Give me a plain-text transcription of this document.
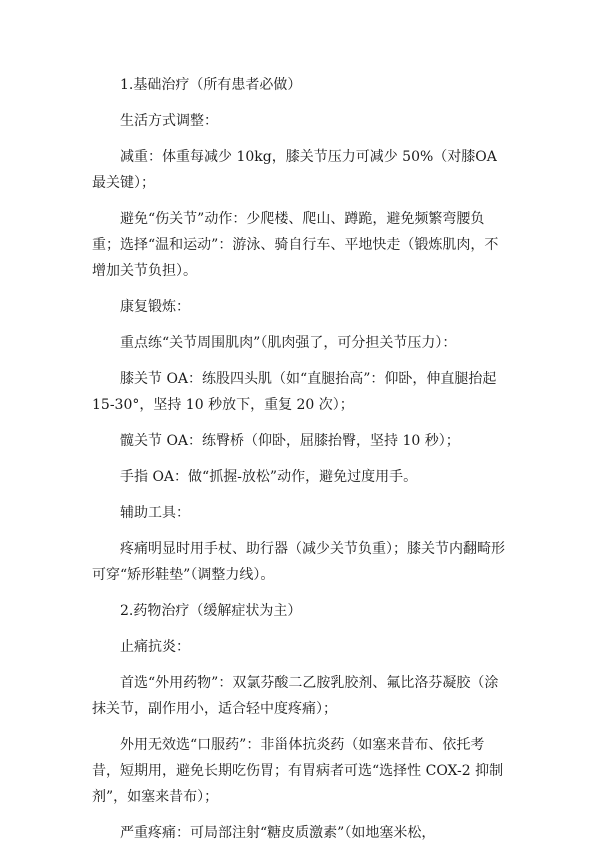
1.基础治疗（所有患者必做）

生活方式调整：

减重：体重每减少 10kg，膝关节压力可减少 50%（对膝OA 最关键）；

避免“伤关节”动作：少爬楼、爬山、蹲跪，避免频繁弯腰负重；选择“温和运动”：游泳、骑自行车、平地快走（锻炼肌肉，不增加关节负担）。

康复锻炼：

重点练“关节周围肌肉”（肌肉强了，可分担关节压力）：

膝关节 OA：练股四头肌（如“直腿抬高”：仰卧，伸直腿抬起 15-30°，坚持 10 秒放下，重复 20 次）；

髋关节 OA：练臀桥（仰卧，屈膝抬臀，坚持 10 秒）；

手指 OA：做“抓握-放松”动作，避免过度用手。

辅助工具：

疼痛明显时用手杖、助行器（减少关节负重）；膝关节内翻畸形可穿“矫形鞋垫”（调整力线）。

2.药物治疗（缓解症状为主）

止痛抗炎：

首选“外用药物”：双氯芬酸二乙胺乳胶剂、氟比洛芬凝胶（涂抹关节，副作用小，适合轻中度疼痛）；

外用无效选“口服药”：非甾体抗炎药（如塞来昔布、依托考昔，短期用，避免长期吃伤胃；有胃病者可选“选择性 COX-2 抑制剂”，如塞来昔布）；

严重疼痛：可局部注射“糖皮质激素”（如地塞米松，
